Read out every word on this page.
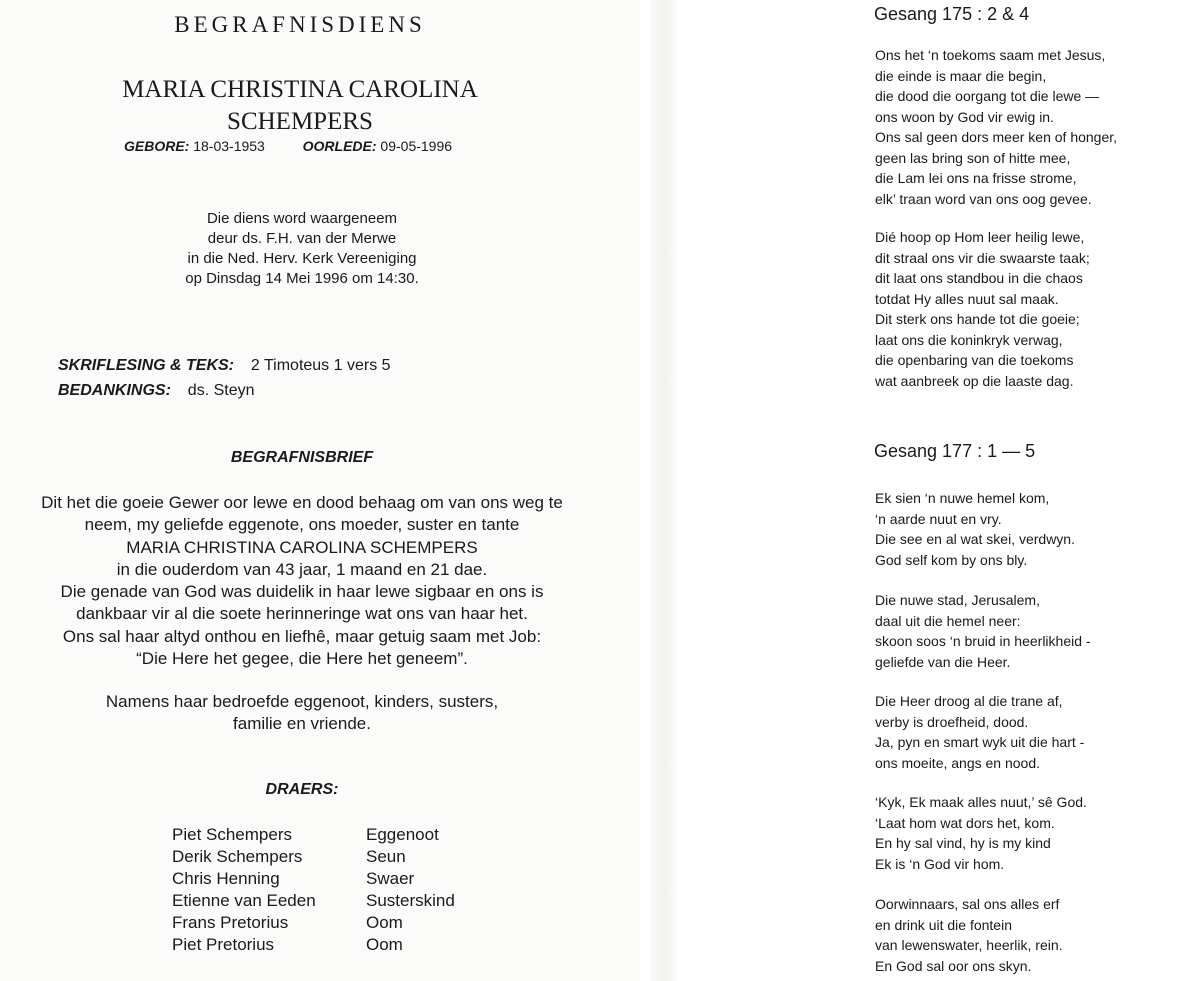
BEGRAFNISDIENS
MARIA CHRISTINA CAROLINA
SCHEMPERS
GEBORE: 18-03-1953	OORLEDE: 09-05-1996
Die diens word waargeneem
deur ds. F.H. van der Merwe
in die Ned. Herv. Kerk Vereeniging
op Dinsdag 14 Mei 1996 om 14:30.
SKRIFLESING & TEKS: 2 Timoteus 1 vers 5
BEDANKINGS: ds. Steyn
BEGRAFNISBRIEF
Dit het die goeie Gewer oor lewe en dood behaag om van ons weg te
neem, my geliefde eggenote, ons moeder, suster en tante
MARIA CHRISTINA CAROLINA SCHEMPERS
in die ouderdom van 43 jaar, 1 maand en 21 dae.
Die genade van God was duidelik in haar lewe sigbaar en ons is
dankbaar vir al die soete herinneringe wat ons van haar het.
Ons sal haar altyd onthou en liefhê, maar getuig saam met Job:
“Die Here het gegee, die Here het geneem”.
Namens haar bedroefde eggenoot, kinders, susters,
familie en vriende.
DRAERS:
Piet Schempers	Eggenoot
Derik Schempers	Seun
Chris Henning	Swaer
Etienne van Eeden	Susterskind
Frans Pretorius	Oom
Piet Pretorius	Oom
Gesang 175 : 2 & 4
Ons het ‘n toekoms saam met Jesus,
die einde is maar die begin,
die dood die oorgang tot die lewe —
ons woon by God vir ewig in.
Ons sal geen dors meer ken of honger,
geen las bring son of hitte mee,
die Lam lei ons na frisse strome,
elk’ traan word van ons oog gevee.
Dié hoop op Hom leer heilig lewe,
dit straal ons vir die swaarste taak;
dit laat ons standbou in die chaos
totdat Hy alles nuut sal maak.
Dit sterk ons hande tot die goeie;
laat ons die koninkryk verwag,
die openbaring van die toekoms
wat aanbreek op die laaste dag.
Gesang 177 : 1 — 5
Ek sien ‘n nuwe hemel kom,
‘n aarde nuut en vry.
Die see en al wat skei, verdwyn.
God self kom by ons bly.
Die nuwe stad, Jerusalem,
daal uit die hemel neer:
skoon soos ‘n bruid in heerlikheid -
geliefde van die Heer.
Die Heer droog al die trane af,
verby is droefheid, dood.
Ja, pyn en smart wyk uit die hart -
ons moeite, angs en nood.
‘Kyk, Ek maak alles nuut,’ sê God.
‘Laat hom wat dors het, kom.
En hy sal vind, hy is my kind
Ek is ‘n God vir hom.
Oorwinnaars, sal ons alles erf
en drink uit die fontein
van lewenswater, heerlik, rein.
En God sal oor ons skyn.
